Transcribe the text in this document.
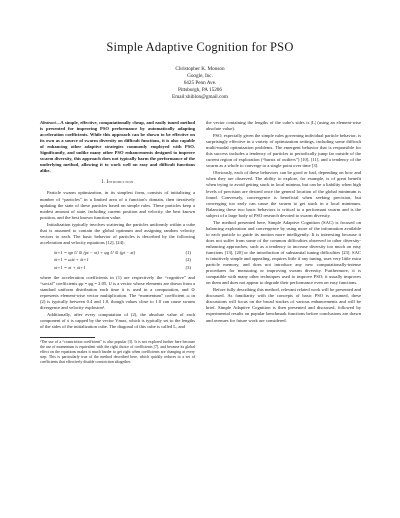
Simple Adaptive Cognition for PSO
Christopher K. Monson
Google, Inc.
6425 Penn Ave.
Pittsburgh, PA 15206
Email:shiblon@gmail.com
Abstract—A simple, effective, computationally cheap, and easily tuned method is presented for improving PSO performance by automatically adapting acceleration coefficients. While this approach can be shown to be effective on its own as a source of swarm diversity on difficult functions, it is also capable of enhancing other adaptive strategies commonly employed with PSO. Significantly, and unlike many other PSO enhancements designed to improve swarm diversity, this approach does not typically harm the performance of the underlying method, allowing it to work well on easy and difficult functions alike.
I. Introduction

Particle swarm optimization, in its simplest form, consists of initializing a number of “particles” in a limited area of a function's domain, then iteratively updating the state of these particles based on simple rules. These particles keep a modest amount of state, including current position and velocity, the best known position, and the best known function value.

Initialization typically involves scattering the particles uniformly within a cube that is assumed to contain the global optimum and assigning random velocity vectors to each. The basic behavior of particles is described by the following acceleration and velocity equations [12], [24]:

ẍt+1 = φp U ⊙ (pt − xt) + φg U ⊙ (gt − xt)	(1)
ẋt+1 = ωẋt + ẍt+1	(2)
xt+1 = xt + ẋt+1	(3)

where the acceleration coefficients in (1) are respectively the “cognitive” and “social” coefficients φp = φg = 2.05, U is a vector whose elements are drawn from a standard uniform distribution each time it is used in a computation, and ⊙ represents element-wise vector multiplication. The “momentum” coefficient ω in (2) is typically between 0.4 and 1.0, though values close to 1.0 can cause swarm divergence and velocity explosion¹.

Additionally, after every computation of (2), the absolute value of each component of ẋ is capped by the vector Vmax, which is typically set to the lengths of the sides of the initialization cube. The diagonal of this cube is called L, and

¹The use of a “constriction coefficient” is also popular [3]. It is not explored further here because the use of momentum is equivalent with the right choice of coefficients [7], and because its global effect on the equations makes it much harder to get right when coefficients are changing at every step. This is particularly true of the method described here, which quickly reduces to a set of coefficients that effectively disable constriction altogether.

the vector containing the lengths of the cube's sides is |L| (using an element-wise absolute value).

PSO, especially given the simple rules governing individual particle behavior, is surprisingly effective in a variety of optimization settings, including some difficult multi-modal optimization problems. The emergent behavior that is responsible for this success includes a tendency of particles to periodically jump far outside of the current region of exploration (“bursts of outliers”) [10], [11], and a tendency of the swarm as a whole to converge to a single point over time [3].

Obviously, each of these behaviors can be good or bad, depending on how and when they are observed. The ability to explore, for example, is of great benefit when trying to avoid getting stuck in local minima, but can be a liability when high levels of precision are desired once the general location of the global minimum is found. Conversely, convergence is beneficial when seeking precision, but converging too early can cause the swarm to get stuck in a local minimum. Balancing these two basic behaviors is critical to a performant swarm and is the subject of a large body of PSO research devoted to swarm diversity.

The method presented here, Simple Adaptive Cognition (SAC) is focused on balancing exploration and convergence by using more of the information available to each particle to guide its motion more intelligently. It is interesting because it does not suffer from some of the common difficulties observed in other diversity-enhancing approaches, such as a tendency to increase diversity too much on easy functions [13], [20] or the introduction of substantial tuning difficulties [23]. SAC is intuitively simple and appealing, requires little if any tuning, uses very little extra particle memory, and does not introduce any new computationally-intense procedures for measuring or improving swarm diversity. Furthermore, it is compatible with many other techniques used to improve PSO; it usually improves on them and does not appear to degrade their performance even on easy functions.

Before fully describing this method, relevant related work will be presented and discussed. As familiarity with the concepts of basic PSO is assumed, these discussions will focus on the broad strokes of various enhancements and will be brief. Simple Adaptive Cognition is then presented and discussed, followed by experimental results on popular benchmark functions before conclusions are drawn and avenues for future work are considered.
